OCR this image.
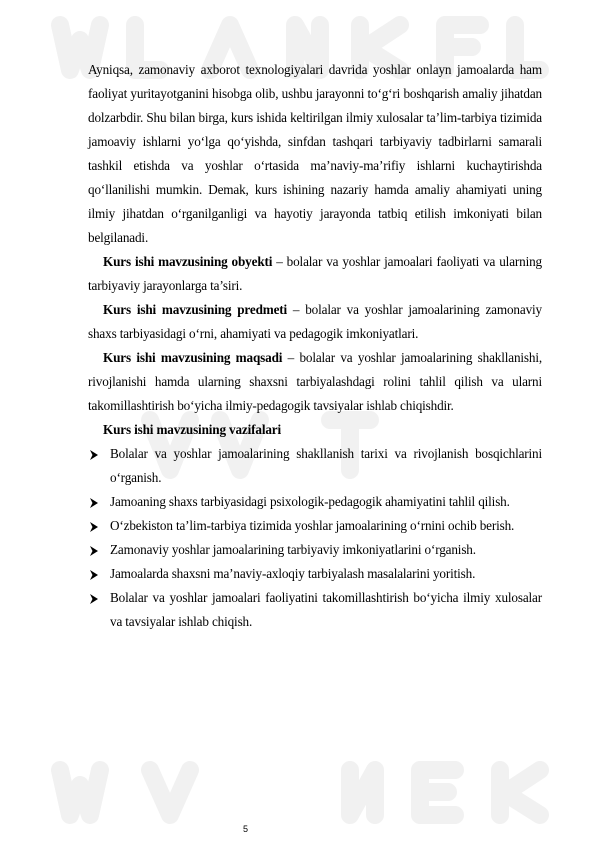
Ayniqsa, zamonaviy axborot texnologiyalari davrida yoshlar onlayn jamoalarda ham faoliyat yuritayotganini hisobga olib, ushbu jarayonni to‘g‘ri boshqarish amaliy jihatdan dolzarbdir. Shu bilan birga, kurs ishida keltirilgan ilmiy xulosalar ta’lim-tarbiya tizimida jamoaviy ishlarni yo‘lga qo‘yishda, sinfdan tashqari tarbiyaviy tadbirlarni samarali tashkil etishda va yoshlar o‘rtasida ma’naviy-ma’rifiy ishlarni kuchaytirishda qo‘llanilishi mumkin. Demak, kurs ishining nazariy hamda amaliy ahamiyati uning ilmiy jihatdan o‘rganilganligi va hayotiy jarayonda tatbiq etilish imkoniyati bilan belgilanadi.

Kurs ishi mavzusining obyekti – bolalar va yoshlar jamoalari faoliyati va ularning tarbiyaviy jarayonlarga ta’siri.

Kurs ishi mavzusining predmeti – bolalar va yoshlar jamoalarining zamonaviy shaxs tarbiyasidagi o‘rni, ahamiyati va pedagogik imkoniyatlari.

Kurs ishi mavzusining maqsadi – bolalar va yoshlar jamoalarining shakllanishi, rivojlanishi hamda ularning shaxsni tarbiyalashdagi rolini tahlil qilish va ularni takomillashtirish bo‘yicha ilmiy-pedagogik tavsiyalar ishlab chiqishdir.

Kurs ishi mavzusining vazifalari
Bolalar va yoshlar jamoalarining shakllanish tarixi va rivojlanish bosqichlarini o‘rganish.
Jamoaning shaxs tarbiyasidagi psixologik-pedagogik ahamiyatini tahlil qilish.
O‘zbekiston ta’lim-tarbiya tizimida yoshlar jamoalarining o‘rnini ochib berish.
Zamonaviy yoshlar jamoalarining tarbiyaviy imkoniyatlarini o‘rganish.
Jamoalarda shaxsni ma’naviy-axloqiy tarbiyalash masalalarini yoritish.
Bolalar va yoshlar jamoalari faoliyatini takomillashtirish bo‘yicha ilmiy xulosalar va tavsiyalar ishlab chiqish.
5
